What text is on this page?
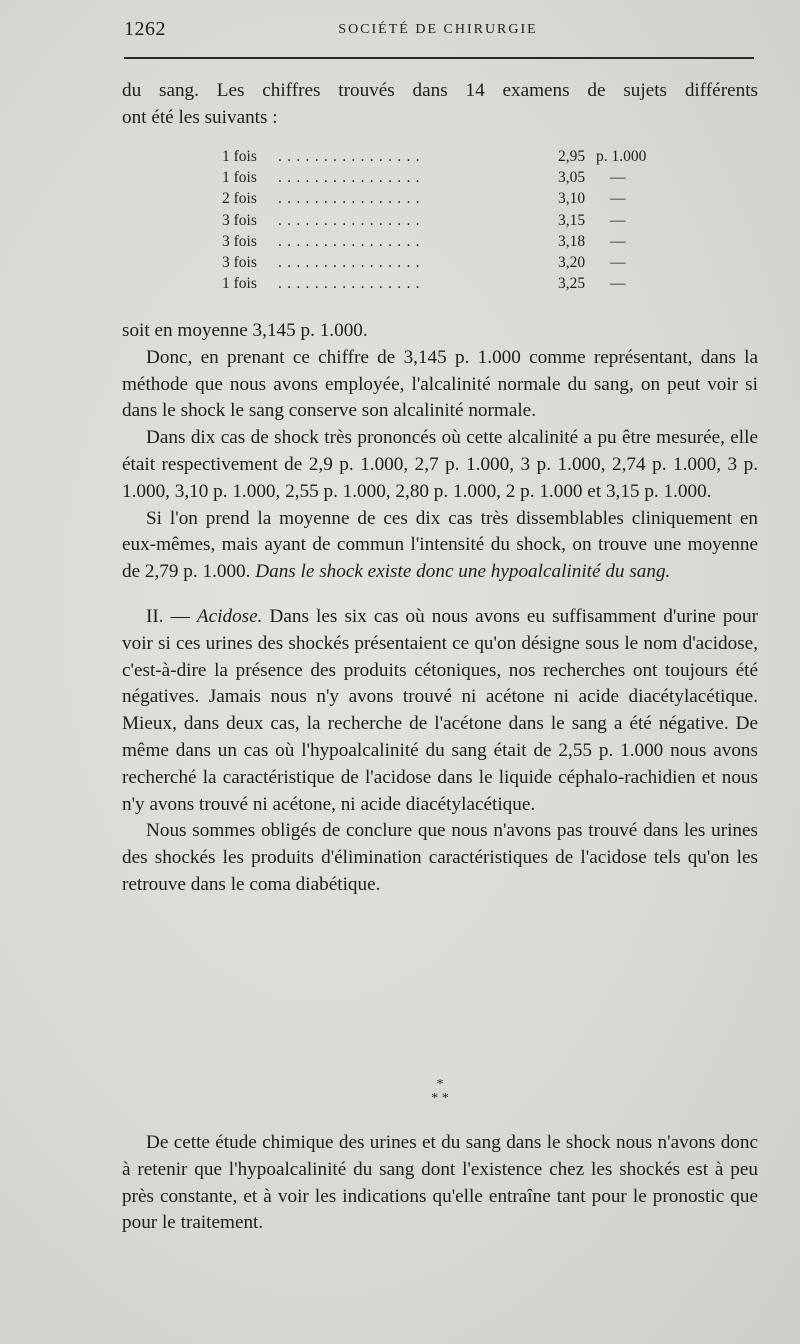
1262	SOCIÉTÉ DE CHIRURGIE

du sang. Les chiffres trouvés dans 14 examens de sujets différents

ont été les suivants :

1 fois ................	2,95 p. 1.000
1 fois ................	3,05 —
2 fois ................	3,10 —
3 fois ................	3,15 —
3 fois ................	3,18 —
3 fois ................	3,20 —
1 fois ................	3,25 —

soit en moyenne 3,145 p. 1.000.

Donc, en prenant ce chiffre de 3,145 p. 1.000 comme représentant, dans la méthode que nous avons employée, l'alcalinité normale du sang, on peut voir si dans le shock le sang conserve son alcalinité normale.

Dans dix cas de shock très prononcés où cette alcalinité a pu être mesurée, elle était respectivement de 2,9 p. 1.000, 2,7 p. 1.000, 3 p. 1.000, 2,74 p. 1.000, 3 p. 1.000, 3,10 p. 1.000, 2,55 p. 1.000, 2,80 p. 1.000, 2 p. 1.000 et 3,15 p. 1.000.

Si l'on prend la moyenne de ces dix cas très dissemblables cliniquement en eux-mêmes, mais ayant de commun l'intensité du shock, on trouve une moyenne de 2,79 p. 1.000. Dans le shock existe donc une hypoalcalinité du sang.

II. — Acidose. Dans les six cas où nous avons eu suffisamment d'urine pour voir si ces urines des shockés présentaient ce qu'on désigne sous le nom d'acidose, c'est-à-dire la présence des produits cétoniques, nos recherches ont toujours été négatives. Jamais nous n'y avons trouvé ni acétone ni acide diacétylacétique. Mieux, dans deux cas, la recherche de l'acétone dans le sang a été négative. De même dans un cas où l'hypoalcalinité du sang était de 2,55 p. 1.000 nous avons recherché la caractéristique de l'acidose dans le liquide céphalo-rachidien et nous n'y avons trouvé ni acétone, ni acide diacétylacétique.

Nous sommes obligés de conclure que nous n'avons pas trouvé dans les urines des shockés les produits d'élimination caractéristiques de l'acidose tels qu'on les retrouve dans le coma diabétique.

*
* *

De cette étude chimique des urines et du sang dans le shock nous n'avons donc à retenir que l'hypoalcalinité du sang dont l'existence chez les shockés est à peu près constante, et à voir les indications qu'elle entraîne tant pour le pronostic que pour le traitement.
